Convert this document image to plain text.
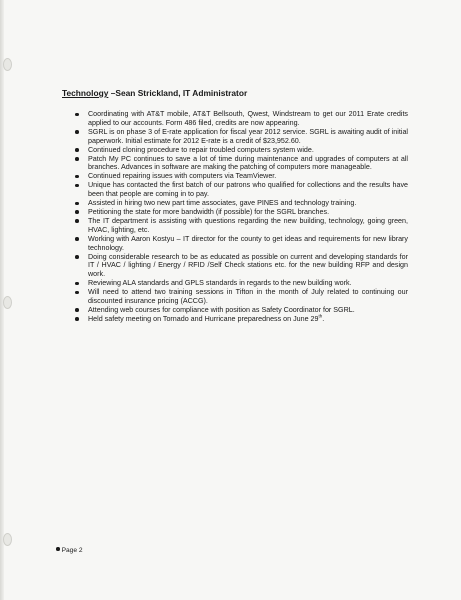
Technology –Sean Strickland, IT Administrator
Coordinating with AT&T mobile, AT&T Bellsouth, Qwest, Windstream to get our 2011 Erate credits applied to our accounts. Form 486 filed, credits are now appearing.
SGRL is on phase 3 of E-rate application for fiscal year 2012 service. SGRL is awaiting audit of initial paperwork. Initial estimate for 2012 E-rate is a credit of $23,952.60.
Continued cloning procedure to repair troubled computers system wide.
Patch My PC continues to save a lot of time during maintenance and upgrades of computers at all branches. Advances in software are making the patching of computers more manageable.
Continued repairing issues with computers via TeamViewer.
Unique has contacted the first batch of our patrons who qualified for collections and the results have been that people are coming in to pay.
Assisted in hiring two new part time associates, gave PINES and technology training.
Petitioning the state for more bandwidth (if possible) for the SGRL branches.
The IT department is assisting with questions regarding the new building, technology, going green, HVAC, lighting, etc.
Working with Aaron Kostyu – IT director for the county to get ideas and requirements for new library technology.
Doing considerable research to be as educated as possible on current and developing standards for IT / HVAC / lighting / Energy / RFID /Self Check stations etc. for the new building RFP and design work.
Reviewing ALA standards and GPLS standards in regards to the new building work.
Will need to attend two training sessions in Tifton in the month of July related to continuing our discounted insurance pricing (ACCG).
Attending web courses for compliance with position as Safety Coordinator for SGRL.
Held safety meeting on Tornado and Hurricane preparedness on June 29th.
Page 2
